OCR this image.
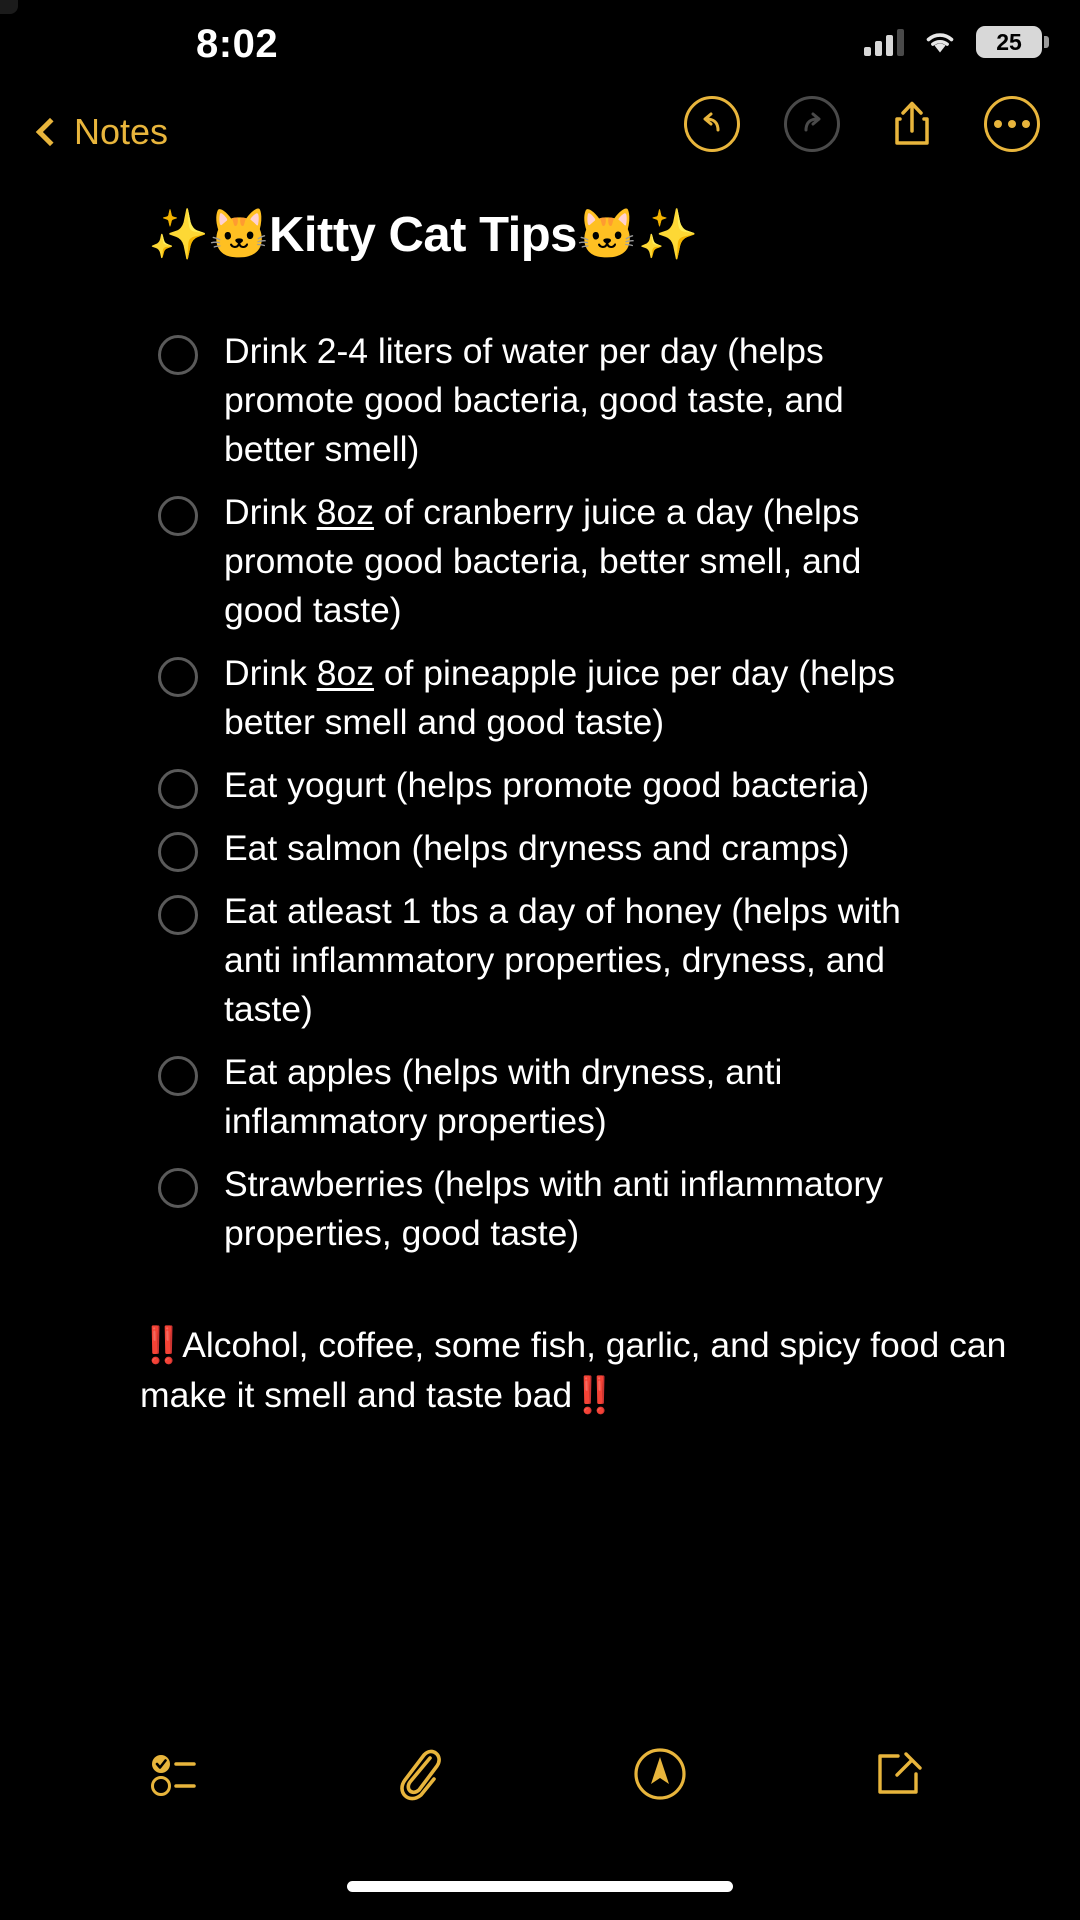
8:02	25
Notes
✨🐱Kitty Cat Tips🐱✨
Drink 2-4 liters of water per day (helps promote good bacteria, good taste, and better smell)
Drink 8oz of cranberry juice a day (helps promote good bacteria, better smell, and good taste)
Drink 8oz of pineapple juice per day (helps better smell and good taste)
Eat yogurt (helps promote good bacteria)
Eat salmon (helps dryness and cramps)
Eat atleast 1 tbs a day of honey (helps with anti inflammatory properties, dryness, and taste)
Eat apples (helps with dryness, anti inflammatory properties)
Strawberries (helps with anti inflammatory properties, good taste)
‼️Alcohol, coffee, some fish, garlic, and spicy food can make it smell and taste bad‼️
